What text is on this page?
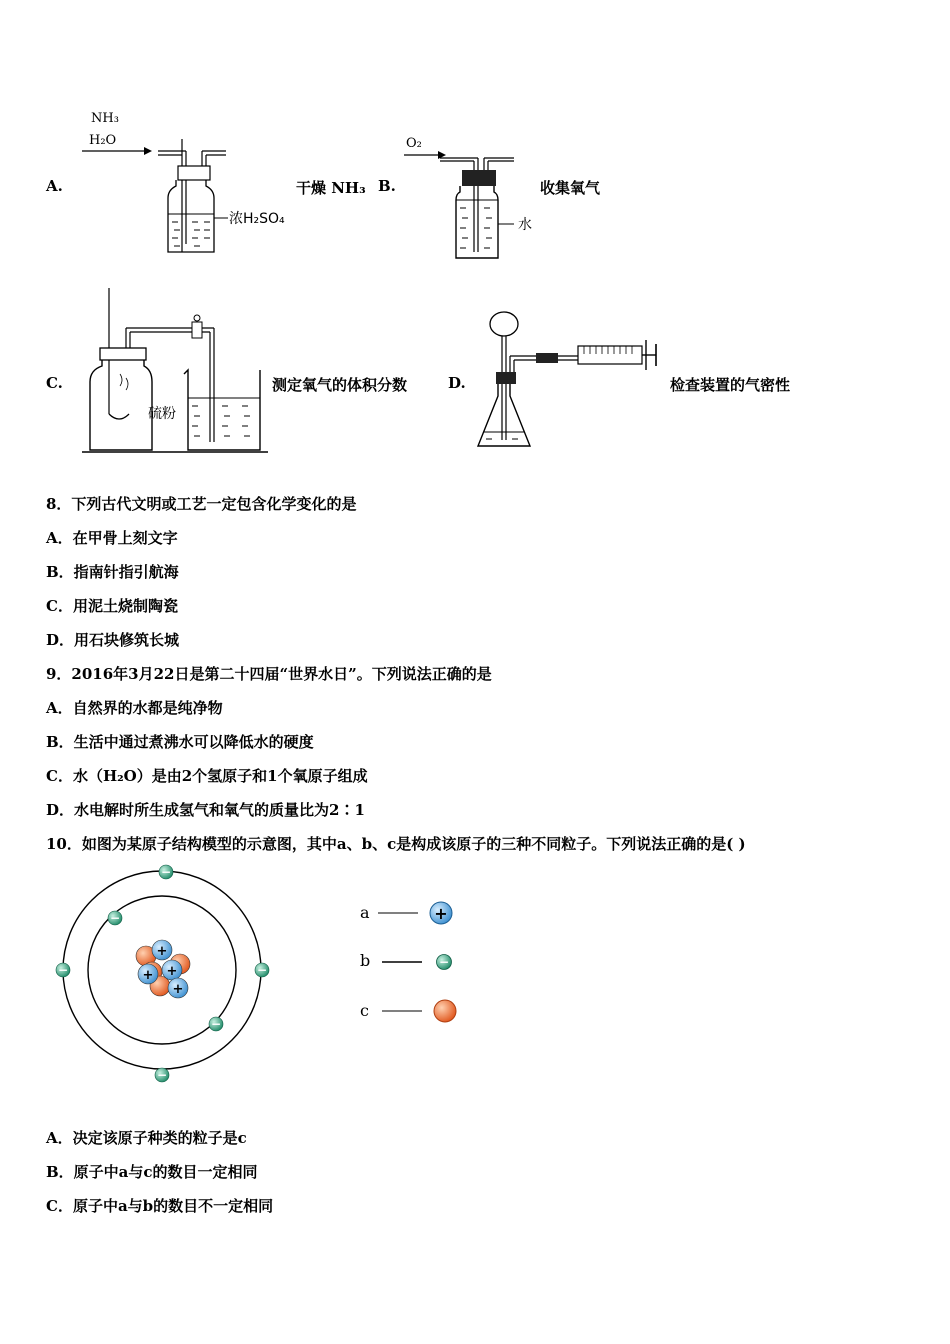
A.
NH₃
H₂O
浓H₂SO₄
干燥 NH₃ B.
O₂
水
收集氧气
C.
硫粉
测定氧气的体积分数	D.	检查装置的气密性
8．下列古代文明或工艺一定包含化学变化的是
A．在甲骨上刻文字
B．指南针指引航海
C．用泥土烧制陶瓷
D．用石块修筑长城
9．2016年3月22日是第二十四届“世界水日”。下列说法正确的是
A．自然界的水都是纯净物
B．生活中通过煮沸水可以降低水的硬度
C．水（H₂O）是由2个氢原子和1个氧原子组成
D．水电解时所生成氢气和氧气的质量比为2∶1
10．如图为某原子结构模型的示意图，其中a、b、c是构成该原子的三种不同粒子。下列说法正确的是( )
+
+ +
+
−
−	−
−
−
−
a	+
b	−
c
A．决定该原子种类的粒子是c
B．原子中a与c的数目一定相同
C．原子中a与b的数目不一定相同
